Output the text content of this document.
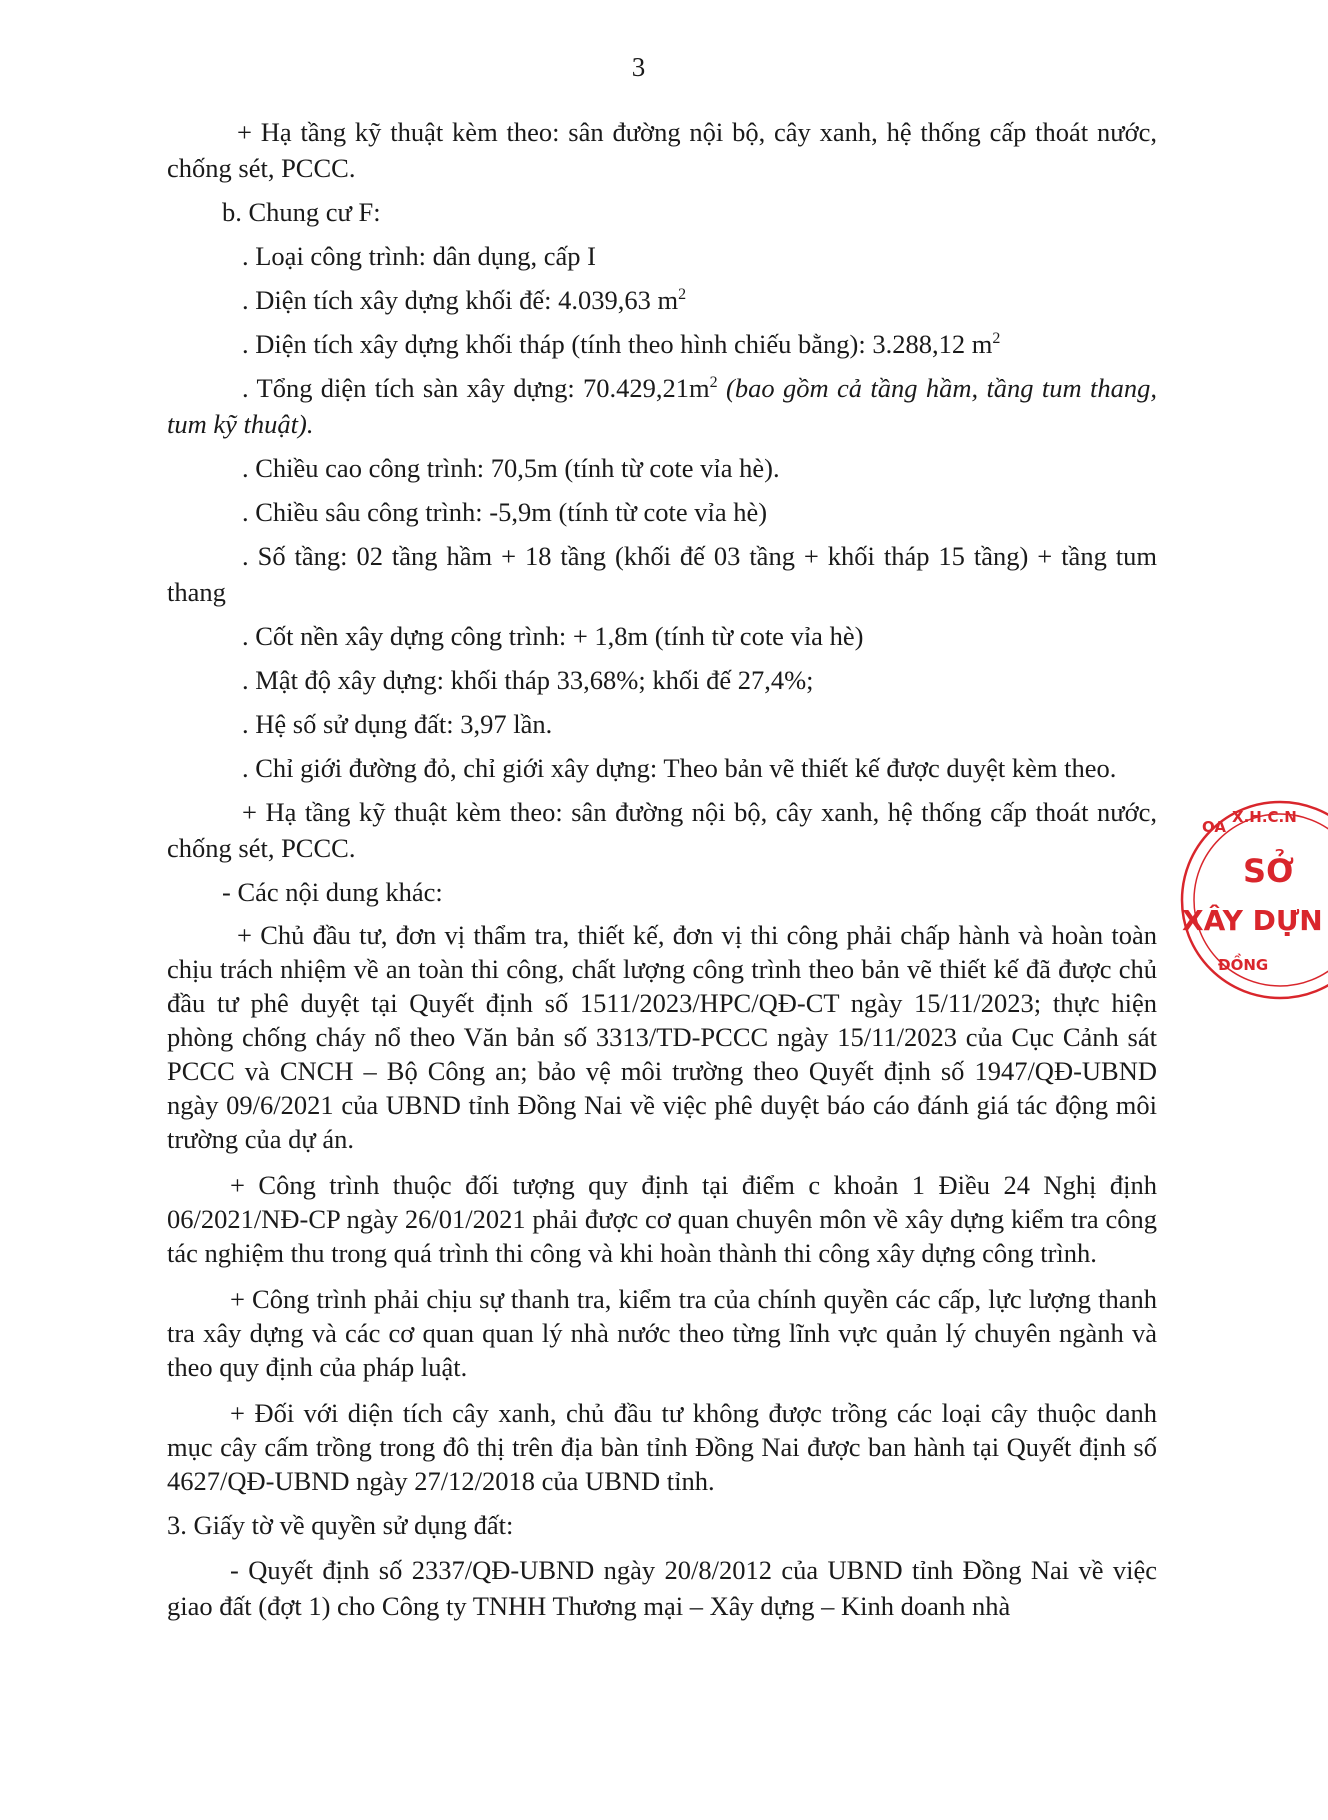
3

+ Hạ tầng kỹ thuật kèm theo: sân đường nội bộ, cây xanh, hệ thống cấp thoát nước, chống sét, PCCC.

b. Chung cư F:

. Loại công trình: dân dụng, cấp I

. Diện tích xây dựng khối đế: 4.039,63 $m^2$

. Diện tích xây dựng khối tháp (tính theo hình chiếu bằng): 3.288,12 $m^2$

. Tổng diện tích sàn xây dựng: $70.429,21m^2$ (bao gồm cả tầng hầm, tầng tum thang, tum kỹ thuật).

. Chiều cao công trình: 70,5m (tính từ cote vỉa hè).

. Chiều sâu công trình: -5,9m (tính từ cote vỉa hè)

. Số tầng: 02 tầng hầm + 18 tầng (khối đế 03 tầng + khối tháp 15 tầng) + tầng tum thang

. Cốt nền xây dựng công trình: + 1,8m (tính từ cote vỉa hè)

. Mật độ xây dựng: khối tháp 33,68%; khối đế 27,4%;

. Hệ số sử dụng đất: 3,97 lần.

. Chỉ giới đường đỏ, chỉ giới xây dựng: Theo bản vẽ thiết kế được duyệt kèm theo.

+ Hạ tầng kỹ thuật kèm theo: sân đường nội bộ, cây xanh, hệ thống cấp thoát nước, chống sét, PCCC.

- Các nội dung khác:

+ Chủ đầu tư, đơn vị thẩm tra, thiết kế, đơn vị thi công phải chấp hành và hoàn toàn chịu trách nhiệm về an toàn thi công, chất lượng công trình theo bản vẽ thiết kế đã được chủ đầu tư phê duyệt tại Quyết định số 1511/2023/HPC/QĐ-CT ngày 15/11/2023; thực hiện phòng chống cháy nổ theo Văn bản số 3313/TD-PCCC ngày 15/11/2023 của Cục Cảnh sát PCCC và CNCH – Bộ Công an; bảo vệ môi trường theo Quyết định số 1947/QĐ-UBND ngày 09/6/2021 của UBND tỉnh Đồng Nai về việc phê duyệt báo cáo đánh giá tác động môi trường của dự án.

+ Công trình thuộc đối tượng quy định tại điểm c khoản 1 Điều 24 Nghị định 06/2021/NĐ-CP ngày 26/01/2021 phải được cơ quan chuyên môn về xây dựng kiểm tra công tác nghiệm thu trong quá trình thi công và khi hoàn thành thi công xây dựng công trình.

+ Công trình phải chịu sự thanh tra, kiểm tra của chính quyền các cấp, lực lượng thanh tra xây dựng và các cơ quan quan lý nhà nước theo từng lĩnh vực quản lý chuyên ngành và theo quy định của pháp luật.

+ Đối với diện tích cây xanh, chủ đầu tư không được trồng các loại cây thuộc danh mục cây cấm trồng trong đô thị trên địa bàn tỉnh Đồng Nai được ban hành tại Quyết định số 4627/QĐ-UBND ngày 27/12/2018 của UBND tỉnh.

3. Giấy tờ về quyền sử dụng đất:

- Quyết định số 2337/QĐ-UBND ngày 20/8/2012 của UBND tỉnh Đồng Nai về việc giao đất (đợt 1) cho Công ty TNHH Thương mại – Xây dựng – Kinh doanh nhà

OA
X.H.C.N
SỞ
XÂY DỰN
ĐỒNG
